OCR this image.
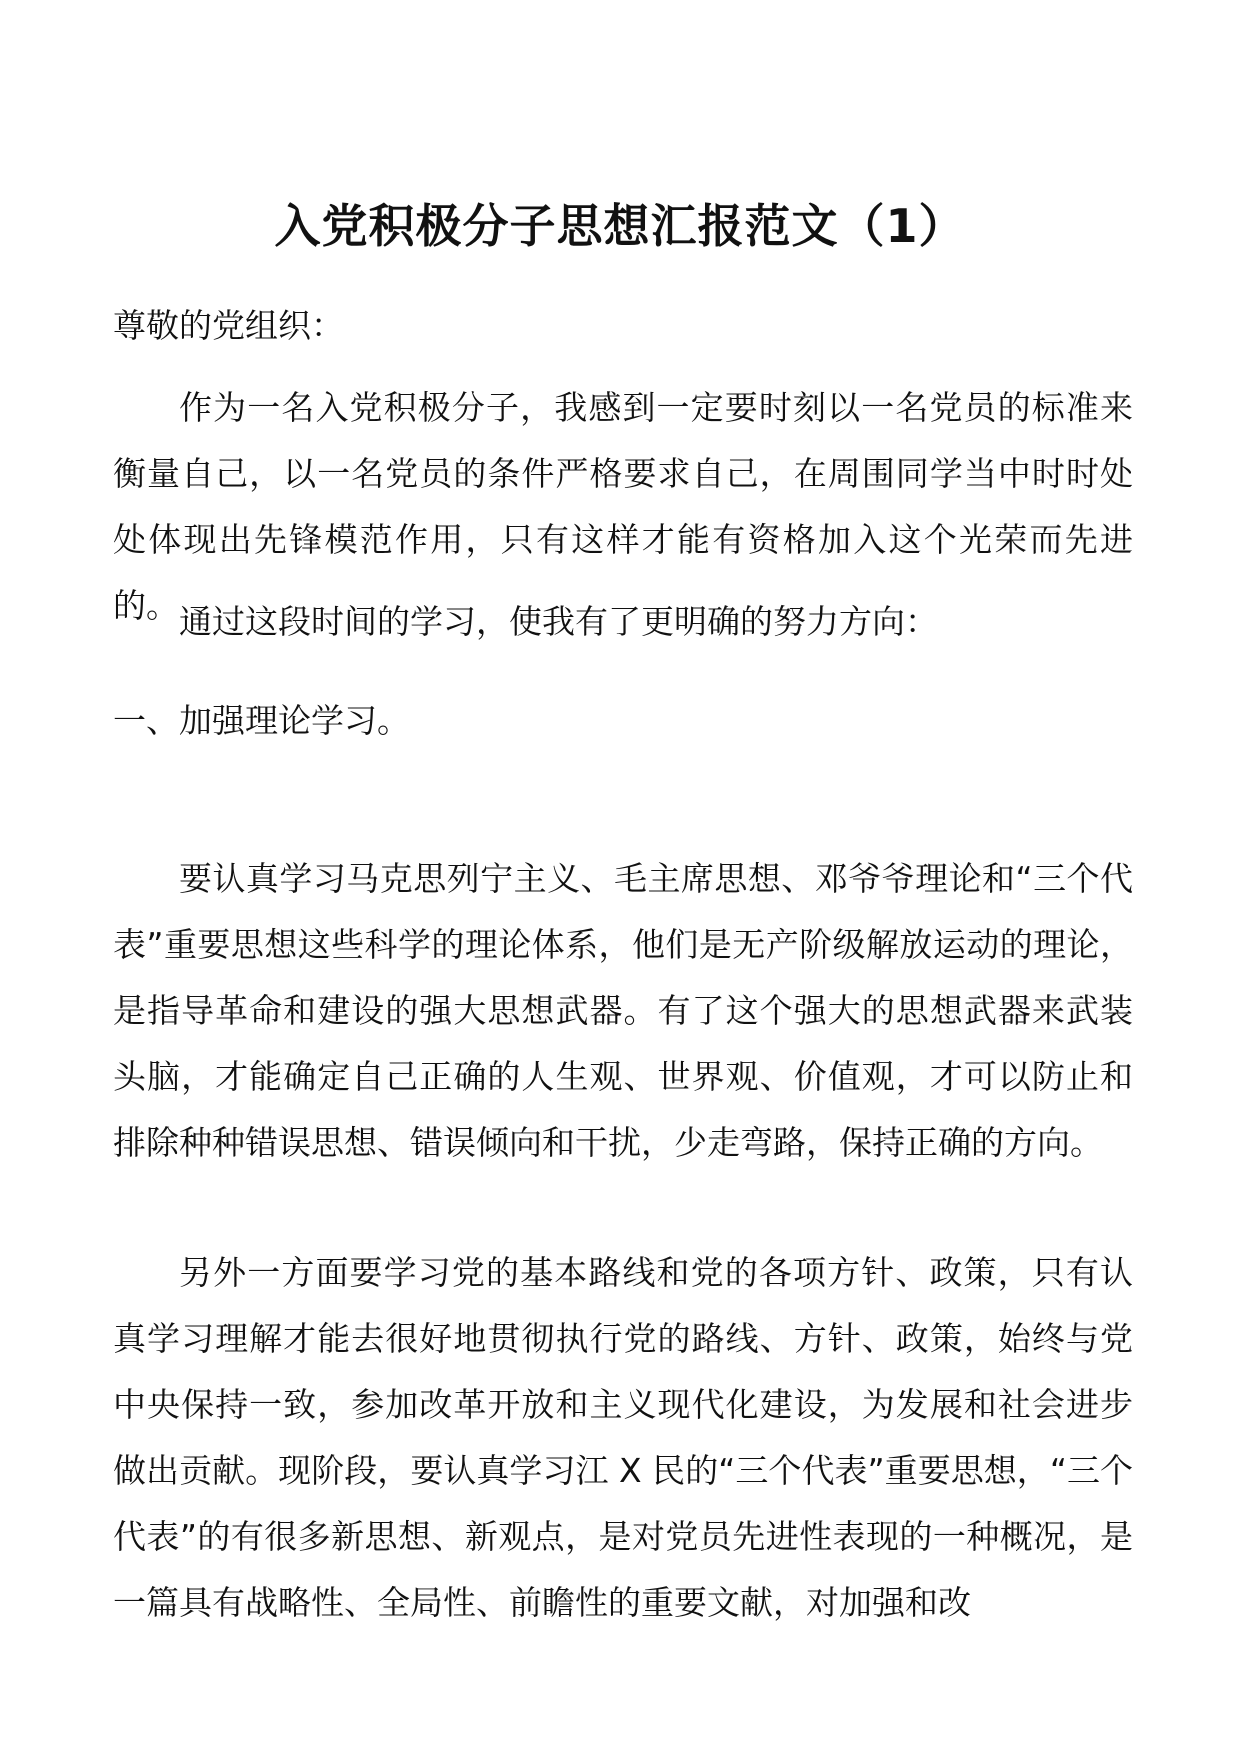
入党积极分子思想汇报范文（1）

尊敬的党组织：

作为一名入党积极分子，我感到一定要时刻以一名党员的标准来衡量自己，以一名党员的条件严格要求自己，在周围同学当中时时处处体现出先锋模范作用，只有这样才能有资格加入这个光荣而先进的。 通过这段时间的学习，使我有了更明确的努力方向：

一、加强理论学习。

要认真学习马克思列宁主义、毛主席思想、邓爷爷理论和“三个代表”重要思想这些科学的理论体系，他们是无产阶级解放运动的理论，是指导革命和建设的强大思想武器。有了这个强大的思想武器来武装头脑，才能确定自己正确的人生观、世界观、价值观，才可以防止和排除种种错误思想、错误倾向和干扰，少走弯路，保持正确的方向。

另外一方面要学习党的基本路线和党的各项方针、政策，只有认真学习理解才能去很好地贯彻执行党的路线、方针、政策，始终与党中央保持一致，参加改革开放和主义现代化建设，为发展和社会进步做出贡献。现阶段，要认真学习江 X 民的“三个代表”重要思想，“三个代表”的有很多新思想、新观点，是对党员先进性表现的一种概况，是一篇具有战略性、全局性、前瞻性的重要文献，对加强和改
